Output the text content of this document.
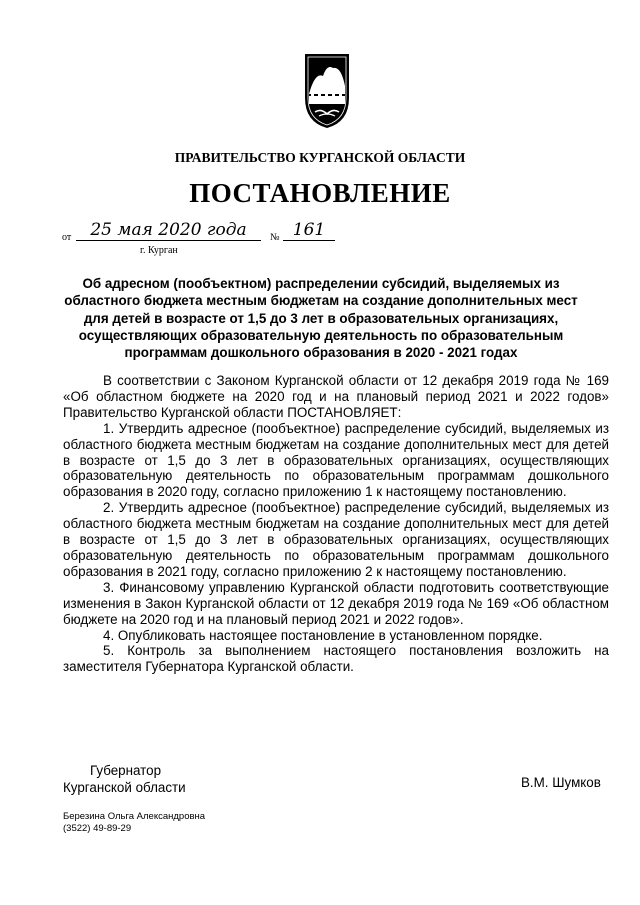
ПРАВИТЕЛЬСТВО КУРГАНСКОЙ ОБЛАСТИ
ПОСТАНОВЛЕНИЕ
от	25 мая 2020 года	№ 161
г. Курган
Об адресном (пообъектном) распределении субсидий, выделяемых из областного бюджета местным бюджетам на создание дополнительных мест для детей в возрасте от 1,5 до 3 лет в образовательных организациях, осуществляющих образовательную деятельность по образовательным программам дошкольного образования в 2020 - 2021 годах

В соответствии с Законом Курганской области от 12 декабря 2019 года № 169 «Об областном бюджете на 2020 год и на плановый период 2021 и 2022 годов» Правительство Курганской области ПОСТАНОВЛЯЕТ:

1. Утвердить адресное (пообъектное) распределение субсидий, выделяемых из областного бюджета местным бюджетам на создание дополнительных мест для детей в возрасте от 1,5 до 3 лет в образовательных организациях, осуществляющих образовательную деятельность по образовательным программам дошкольного образования в 2020 году, согласно приложению 1 к настоящему постановлению.

2. Утвердить адресное (пообъектное) распределение субсидий, выделяемых из областного бюджета местным бюджетам на создание дополнительных мест для детей в возрасте от 1,5 до 3 лет в образовательных организациях, осуществляющих образовательную деятельность по образовательным программам дошкольного образования в 2021 году, согласно приложению 2 к настоящему постановлению.

3. Финансовому управлению Курганской области подготовить соответствующие изменения в Закон Курганской области от 12 декабря 2019 года № 169 «Об областном бюджете на 2020 год и на плановый период 2021 и 2022 годов».

4. Опубликовать настоящее постановление в установленном порядке.

5. Контроль за выполнением настоящего постановления возложить на заместителя Губернатора Курганской области.

Губернатор
Курганской области	В.М. Шумков
Березина Ольга Александровна
(3522) 49-89-29
